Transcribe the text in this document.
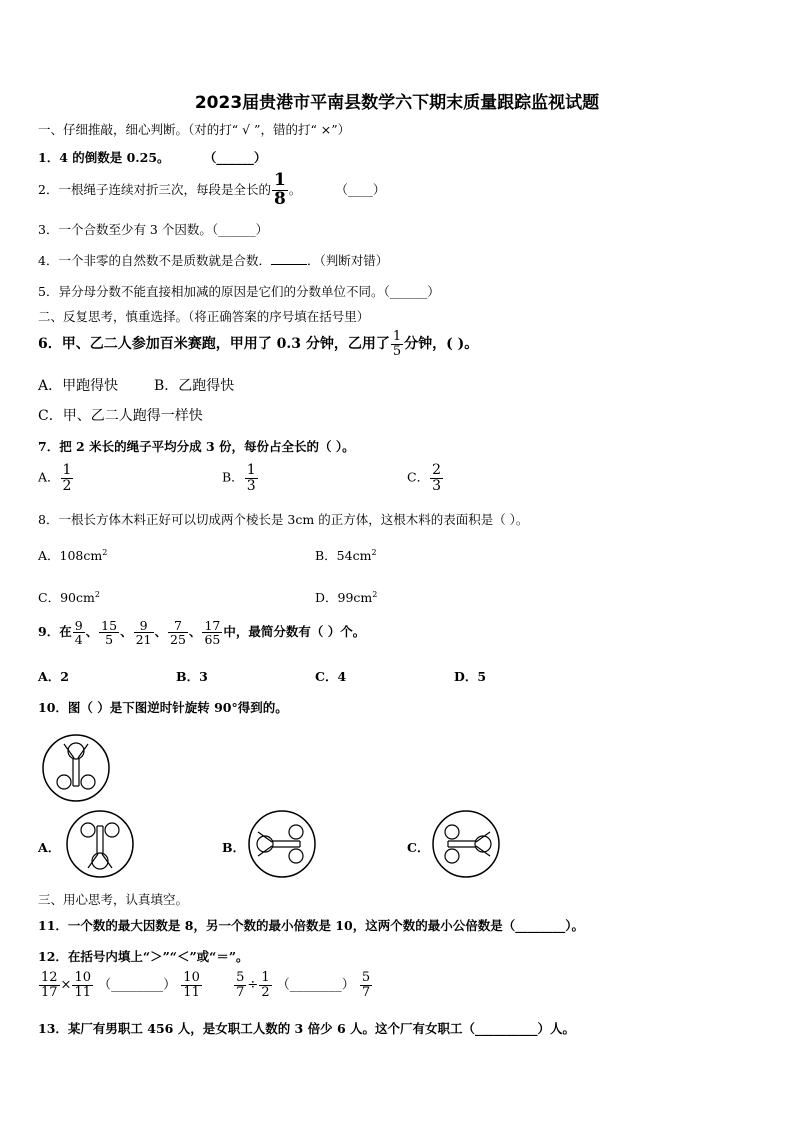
2023届贵港市平南县数学六下期末质量跟踪监视试题
一、仔细推敲，细心判断。（对的打“ √ ”，错的打“ ×”）
1．4 的倒数是 0.25。	（______）
2．一根绳子连续对折三次，每段是全长的 $\frac{1}{8}$ 。	（____）
3．一个合数至少有 3 个因数。（______）
4．一个非零的自然数不是质数就是合数．	．（判断对错）
5．异分母分数不能直接相加减的原因是它们的分数单位不同。（______）
二、反复思考，慎重选择。（将正确答案的序号填在括号里）
6．甲、乙二人参加百米赛跑，甲用了 0.3 分钟，乙用了 $\frac{1}{5}$ 分钟，( )。
A．甲跑得快	B．乙跑得快
C．甲、乙二人跑得一样快
7．把 2 米长的绳子平均分成 3 份，每份占全长的（ ）。
A． $\frac{1}{2}$	B． $\frac{1}{3}$	C． $\frac{2}{3}$
8．一根长方体木料正好可以切成两个棱长是 3cm 的正方体，这根木料的表面积是（ ）。
A．$108cm^2$	B．$54cm^2$
C．$90cm^2$	D．$99cm^2$
9．在 $\frac{9}{4}$ 、 $\frac{15}{5}$ 、 $\frac{9}{21}$ 、 $\frac{7}{25}$ 、 $\frac{17}{65}$ 中，最简分数有（ ）个。
A．2	B．3	C．4	D．5
10．图（ ）是下图逆时针旋转 90°得到的。
A．	B．	C．
三、用心思考，认真填空。
11．一个数的最大因数是 8，另一个数的最小倍数是 10，这两个数的最小公倍数是（________）。
12．在括号内填上“＞”“＜”或“＝”。
$\frac{12}{17} \times \frac{10}{11}$ （________） $\frac{10}{11}$
$\frac{5}{7} \div \frac{1}{2}$ （________） $\frac{5}{7}$
13．某厂有男职工 456 人，是女职工人数的 3 倍少 6 人。这个厂有女职工（__________）人。
